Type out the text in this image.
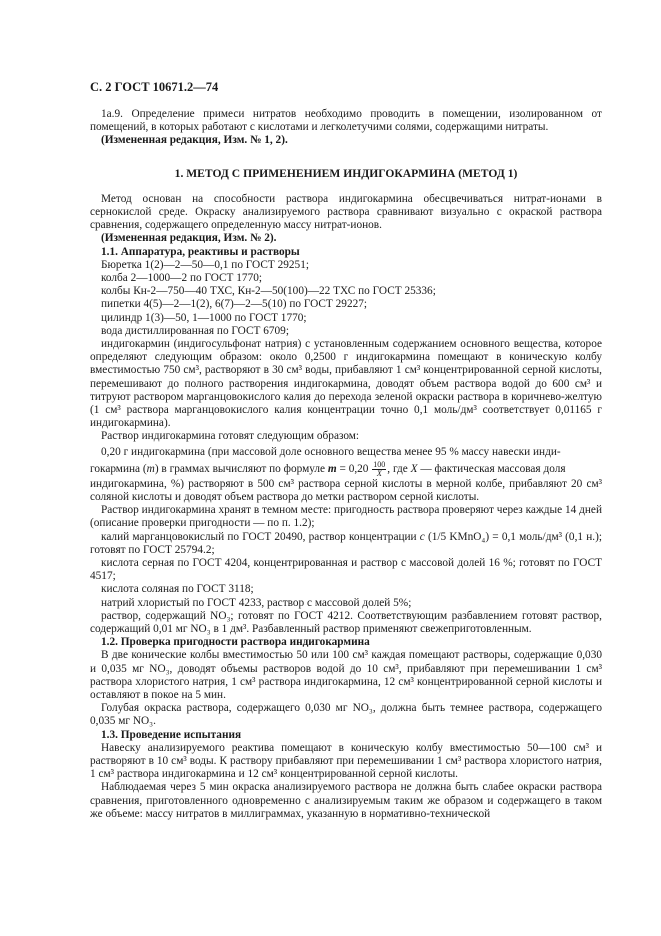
С. 2 ГОСТ 10671.2—74

1а.9. Определение примеси нитратов необходимо проводить в помещении, изолированном от помещений, в которых работают с кислотами и легколетучими солями, содержащими нитраты.

(Измененная редакция, Изм. № 1, 2).

1. МЕТОД С ПРИМЕНЕНИЕМ ИНДИГОКАРМИНА (МЕТОД 1)

Метод основан на способности раствора индигокармина обесцвечиваться нитрат-ионами в сернокислой среде. Окраску анализируемого раствора сравнивают визуально с окраской раствора сравнения, содержащего определенную массу нитрат-ионов.

(Измененная редакция, Изм. № 2).

1.1. Аппаратура, реактивы и растворы

Бюретка 1(2)—2—50—0,1 по ГОСТ 29251;

колба 2—1000—2 по ГОСТ 1770;

колбы Кн-2—750—40 ТХС, Кн-2—50(100)—22 ТХС по ГОСТ 25336;

пипетки 4(5)—2—1(2), 6(7)—2—5(10) по ГОСТ 29227;

цилиндр 1(3)—50, 1—1000 по ГОСТ 1770;

вода дистиллированная по ГОСТ 6709;

индигокармин (индигосульфонат натрия) с установленным содержанием основного вещества, которое определяют следующим образом: около 0,2500 г индигокармина помещают в коническую колбу вместимостью 750 см³, растворяют в 30 см³ воды, прибавляют 1 см³ концентрированной серной кислоты, перемешивают до полного растворения индигокармина, доводят объем раствора водой до 600 см³ и титруют раствором марганцовокислого калия до перехода зеленой окраски раствора в коричнево-желтую (1 см³ раствора марганцовокислого калия концентрации точно 0,1 моль/дм³ соответствует 0,01165 г индигокармина).

Раствор индигокармина готовят следующим образом:

0,20 г индигокармина (при массовой доле основного вещества менее 95 % массу навески инди-

гокармина (m) в граммах вычисляют по формуле $m = 0,20 \frac{100}{X}$ , где X — фактическая массовая доля

индигокармина, %) растворяют в 500 см³ раствора серной кислоты в мерной колбе, прибавляют 20 см³ соляной кислоты и доводят объем раствора до метки раствором серной кислоты.

Раствор индигокармина хранят в темном месте: пригодность раствора проверяют через каждые 14 дней (описание проверки пригодности — по п. 1.2);

калий марганцовокислый по ГОСТ 20490, раствор концентрации c (1/5 KMnO₄) = 0,1 моль/дм³ (0,1 н.); готовят по ГОСТ 25794.2;

кислота серная по ГОСТ 4204, концентрированная и раствор с массовой долей 16 %; готовят по ГОСТ 4517;

кислота соляная по ГОСТ 3118;

натрий хлористый по ГОСТ 4233, раствор с массовой долей 5%;

раствор, содержащий NO₃; готовят по ГОСТ 4212. Соответствующим разбавлением готовят раствор, содержащий 0,01 мг NO₃ в 1 дм³. Разбавленный раствор применяют свежеприготовленным.

1.2. Проверка пригодности раствора индигокармина

В две конические колбы вместимостью 50 или 100 см³ каждая помещают растворы, содержащие 0,030 и 0,035 мг NO₃, доводят объемы растворов водой до 10 см³, прибавляют при перемешивании 1 см³ раствора хлористого натрия, 1 см³ раствора индигокармина, 12 см³ концентрированной серной кислоты и оставляют в покое на 5 мин.

Голубая окраска раствора, содержащего 0,030 мг NO₃, должна быть темнее раствора, содержащего 0,035 мг NO₃.

1.3. Проведение испытания

Навеску анализируемого реактива помещают в коническую колбу вместимостью 50—100 см³ и растворяют в 10 см³ воды. К раствору прибавляют при перемешивании 1 см³ раствора хлористого натрия, 1 см³ раствора индигокармина и 12 см³ концентрированной серной кислоты.

Наблюдаемая через 5 мин окраска анализируемого раствора не должна быть слабее окраски раствора сравнения, приготовленного одновременно с анализируемым таким же образом и содержащего в таком же объеме: массу нитратов в миллиграммах, указанную в нормативно-технической
